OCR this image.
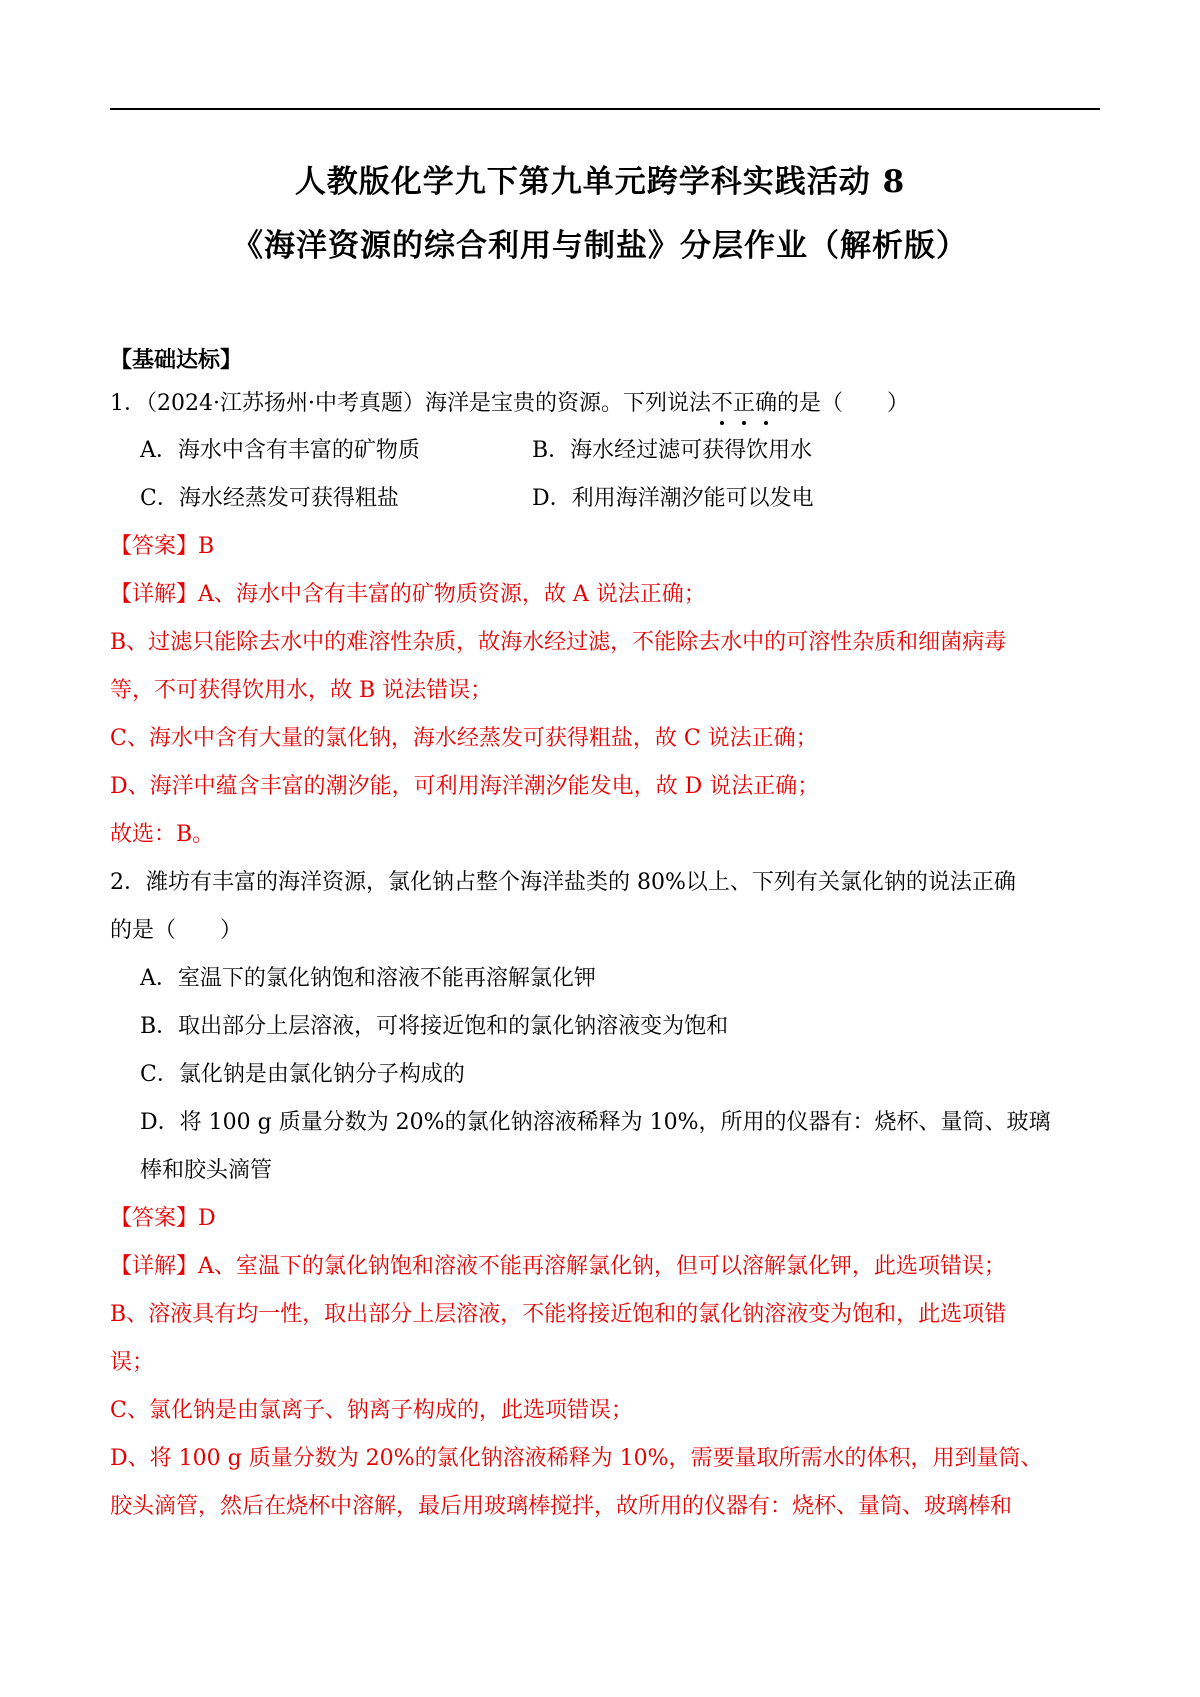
人教版化学九下第九单元跨学科实践活动 8
《海洋资源的综合利用与制盐》分层作业（解析版）
【基础达标】
1．（2024·江苏扬州·中考真题）海洋是宝贵的资源。下列说法不正确的是（　　）
A．海水中含有丰富的矿物质	B．海水经过滤可获得饮用水
C．海水经蒸发可获得粗盐	D．利用海洋潮汐能可以发电
【答案】B
【详解】A、海水中含有丰富的矿物质资源，故 A 说法正确；
B、过滤只能除去水中的难溶性杂质，故海水经过滤，不能除去水中的可溶性杂质和细菌病毒
等，不可获得饮用水，故 B 说法错误；
C、海水中含有大量的氯化钠，海水经蒸发可获得粗盐，故 C 说法正确；
D、海洋中蕴含丰富的潮汐能，可利用海洋潮汐能发电，故 D 说法正确；
故选：B。
2．潍坊有丰富的海洋资源，氯化钠占整个海洋盐类的 80%以上、下列有关氯化钠的说法正确
的是（　　）
A．室温下的氯化钠饱和溶液不能再溶解氯化钾
B．取出部分上层溶液，可将接近饱和的氯化钠溶液变为饱和
C．氯化钠是由氯化钠分子构成的
D．将 100 g 质量分数为 20%的氯化钠溶液稀释为 10%，所用的仪器有：烧杯、量筒、玻璃
棒和胶头滴管
【答案】D
【详解】A、室温下的氯化钠饱和溶液不能再溶解氯化钠，但可以溶解氯化钾，此选项错误；
B、溶液具有均一性，取出部分上层溶液，不能将接近饱和的氯化钠溶液变为饱和，此选项错
误；
C、氯化钠是由氯离子、钠离子构成的，此选项错误；
D、将 100 g 质量分数为 20%的氯化钠溶液稀释为 10%，需要量取所需水的体积，用到量筒、
胶头滴管，然后在烧杯中溶解，最后用玻璃棒搅拌，故所用的仪器有：烧杯、量筒、玻璃棒和
